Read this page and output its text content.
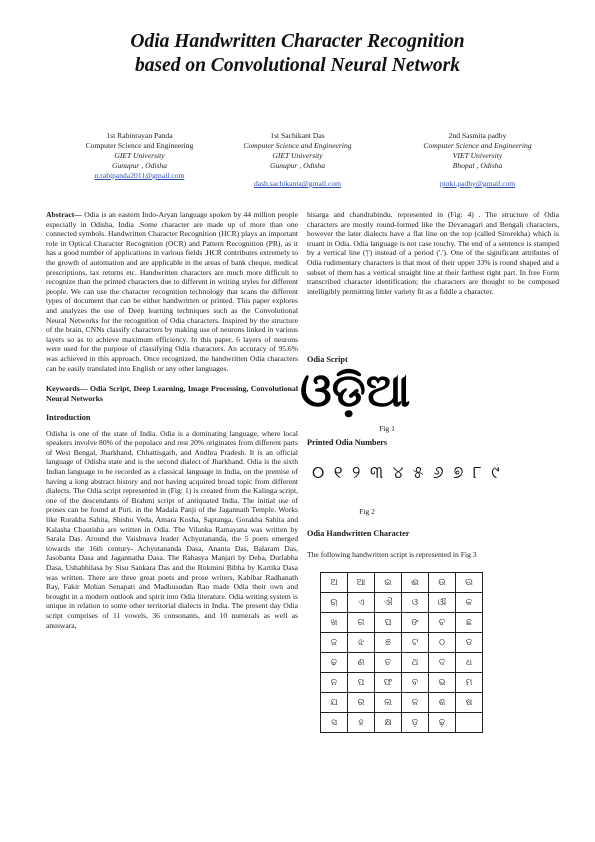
Odia Handwritten Character Recognition
based on Convolutional Neural Network
1st Rabinrayan Panda
Computer Science and Engineering
GIET University
Gunupur , Odisha
n.rabipanda2011@gmail.com
1st Sachikant Das
Computer Science and Engineering
GIET University
Gunupur , Odisha
dash.sachikanta@gmail.com
2nd Sasmita padhy
Computer Science and Engineering
VIET University
Bhopal , Odisha
pinki.padhy@gmail.com

Abstract— Odia is an eastern Indo-Aryan language spoken by 44 million people especially in Odisha, India .Some character are made up of more than one connected symbols. Handwritten Character Recognition (HCR) plays an important role in Optical Character Recognition (OCR) and Pattern Recognition (PR), as it has a good number of applications in various fields .HCR contributes extremely to the growth of automation and are applicable in the areas of bank cheque, medical prescriptions, tax returns etc. Handwritten characters are much more difficult to recognize than the printed characters due to different in writing styles for different people. We can use the character recognition technology that scans the different types of document that can be either handwritten or printed. This paper explores and analyzes the use of Deep learning techniques such as the Convolutional Neural Networks for the recognition of Odia characters. Inspired by the structure of the brain, CNNs classify characters by making use of neurons linked in various layers so as to achieve maximum efficiency. In this paper, 6 layers of neurons were used for the purpose of classifying Odia characters. An accuracy of 95.6% was achieved in this approach. Once recognized, the handwritten Odia characters can be easily translated into English or any other languages.

Keywords— Odia Script, Deep Learning, Image Processing, Convolutional Neural Networks

Introduction

Odisha is one of the state of India. Odia is a dominating language, where local speakers involve 80% of the populace and rest 20% originates from different parts of West Bengal, Jharkhand, Chhattisgarh, and Andhra Pradesh. It is an official language of Odisha state and is the second dialect of Jharkhand. Odia is the sixth Indian language to be recorded as a classical language in India, on the premise of having a long abstract history and not having acquired broad topic from different dialects. The Odia script represented in (Fig: 1) is created from the Kalinga script, one of the descendants of Brahmi script of antiquated India. The initial use of proses can be found at Puri. in the Madala Panji of the Jagannath Temple. Works like Rorakha Sahita, Shishu Veda, Amara Kosha, Saptanga, Gorakha Sahita and Kalasha Chautisha are written in Odia. The Vilanka Ramayana was written by Sarala Das. Around the Vaishnava leader Achyutananda, the 5 poets emerged towards the 16th century- Achyutananda Dasa, Ananta Das, Balaram Das, Jasobanta Dasa and Jagannatha Dasa. The Rahasya Manjari by Deba, Durlabha Dasa, Ushabhilasa by Sisu Sankara Das and the Rukmini Bibha by Kartika Dasa was written. There are three great poets and prose writers, Kabibar Radhanath Ray, Fakir Mohan Senapati and Madhusudan Rao made Odia their own and brought in a modern outlook and spirit into Odia literature. Odia writing system is unique in relation to some other territorial dialects in India. The present day Odia script comprises of 11 vowels, 36 consonants, and 10 numerals as well as anuswara,

hisarga and chandrabindu. represented in (Fig: 4) . The structure of Odia characters are mostly round-formed like the Devanagari and Bengali characters, however the later dialects have a flat line on the top (called Sirorekha) which is truant in Odia. Odia language is not case touchy. The end of a sentence is stamped by a vertical line ('|') instead of a period ('.'). One of the significant attributes of Odia rudimentary characters is that most of their upper 33% is round shaped and a subset of them has a vertical straight line at their farthest right part. In free Form transcribed character identification; the characters are thought to be composed intelligibly permitting littler variety fit as a fiddle a character.

Odia Script
ଓଡ଼ିଆ
Fig 1
Printed Odia Numbers
୦ ୧ ୨ ୩ ୪ ୫ ୬ ୭ ୮ ୯
Fig 2
Odia Handwritten Character
The following handwritten script is represented in Fig 3
ଅ	ଆ	ଇ	ଈ	ଉ	ଊ
ଋ	ଏ	ଐ	ଓ	ଔ	କ
ଖ	ଗ	ଘ	ଙ	ଚ	ଛ
ଜ	ଝ	ଞ	ଟ	ଠ	ଡ
ଢ	ଣ	ତ	ଥ	ଦ	ଧ
ନ	ପ	ଫ	ବ	ଭ	ମ
ଯ	ର	ଲ	ଳ	ଶ	ଷ
ସ	ହ	କ୍ଷ	ଡ଼	ଢ଼	
